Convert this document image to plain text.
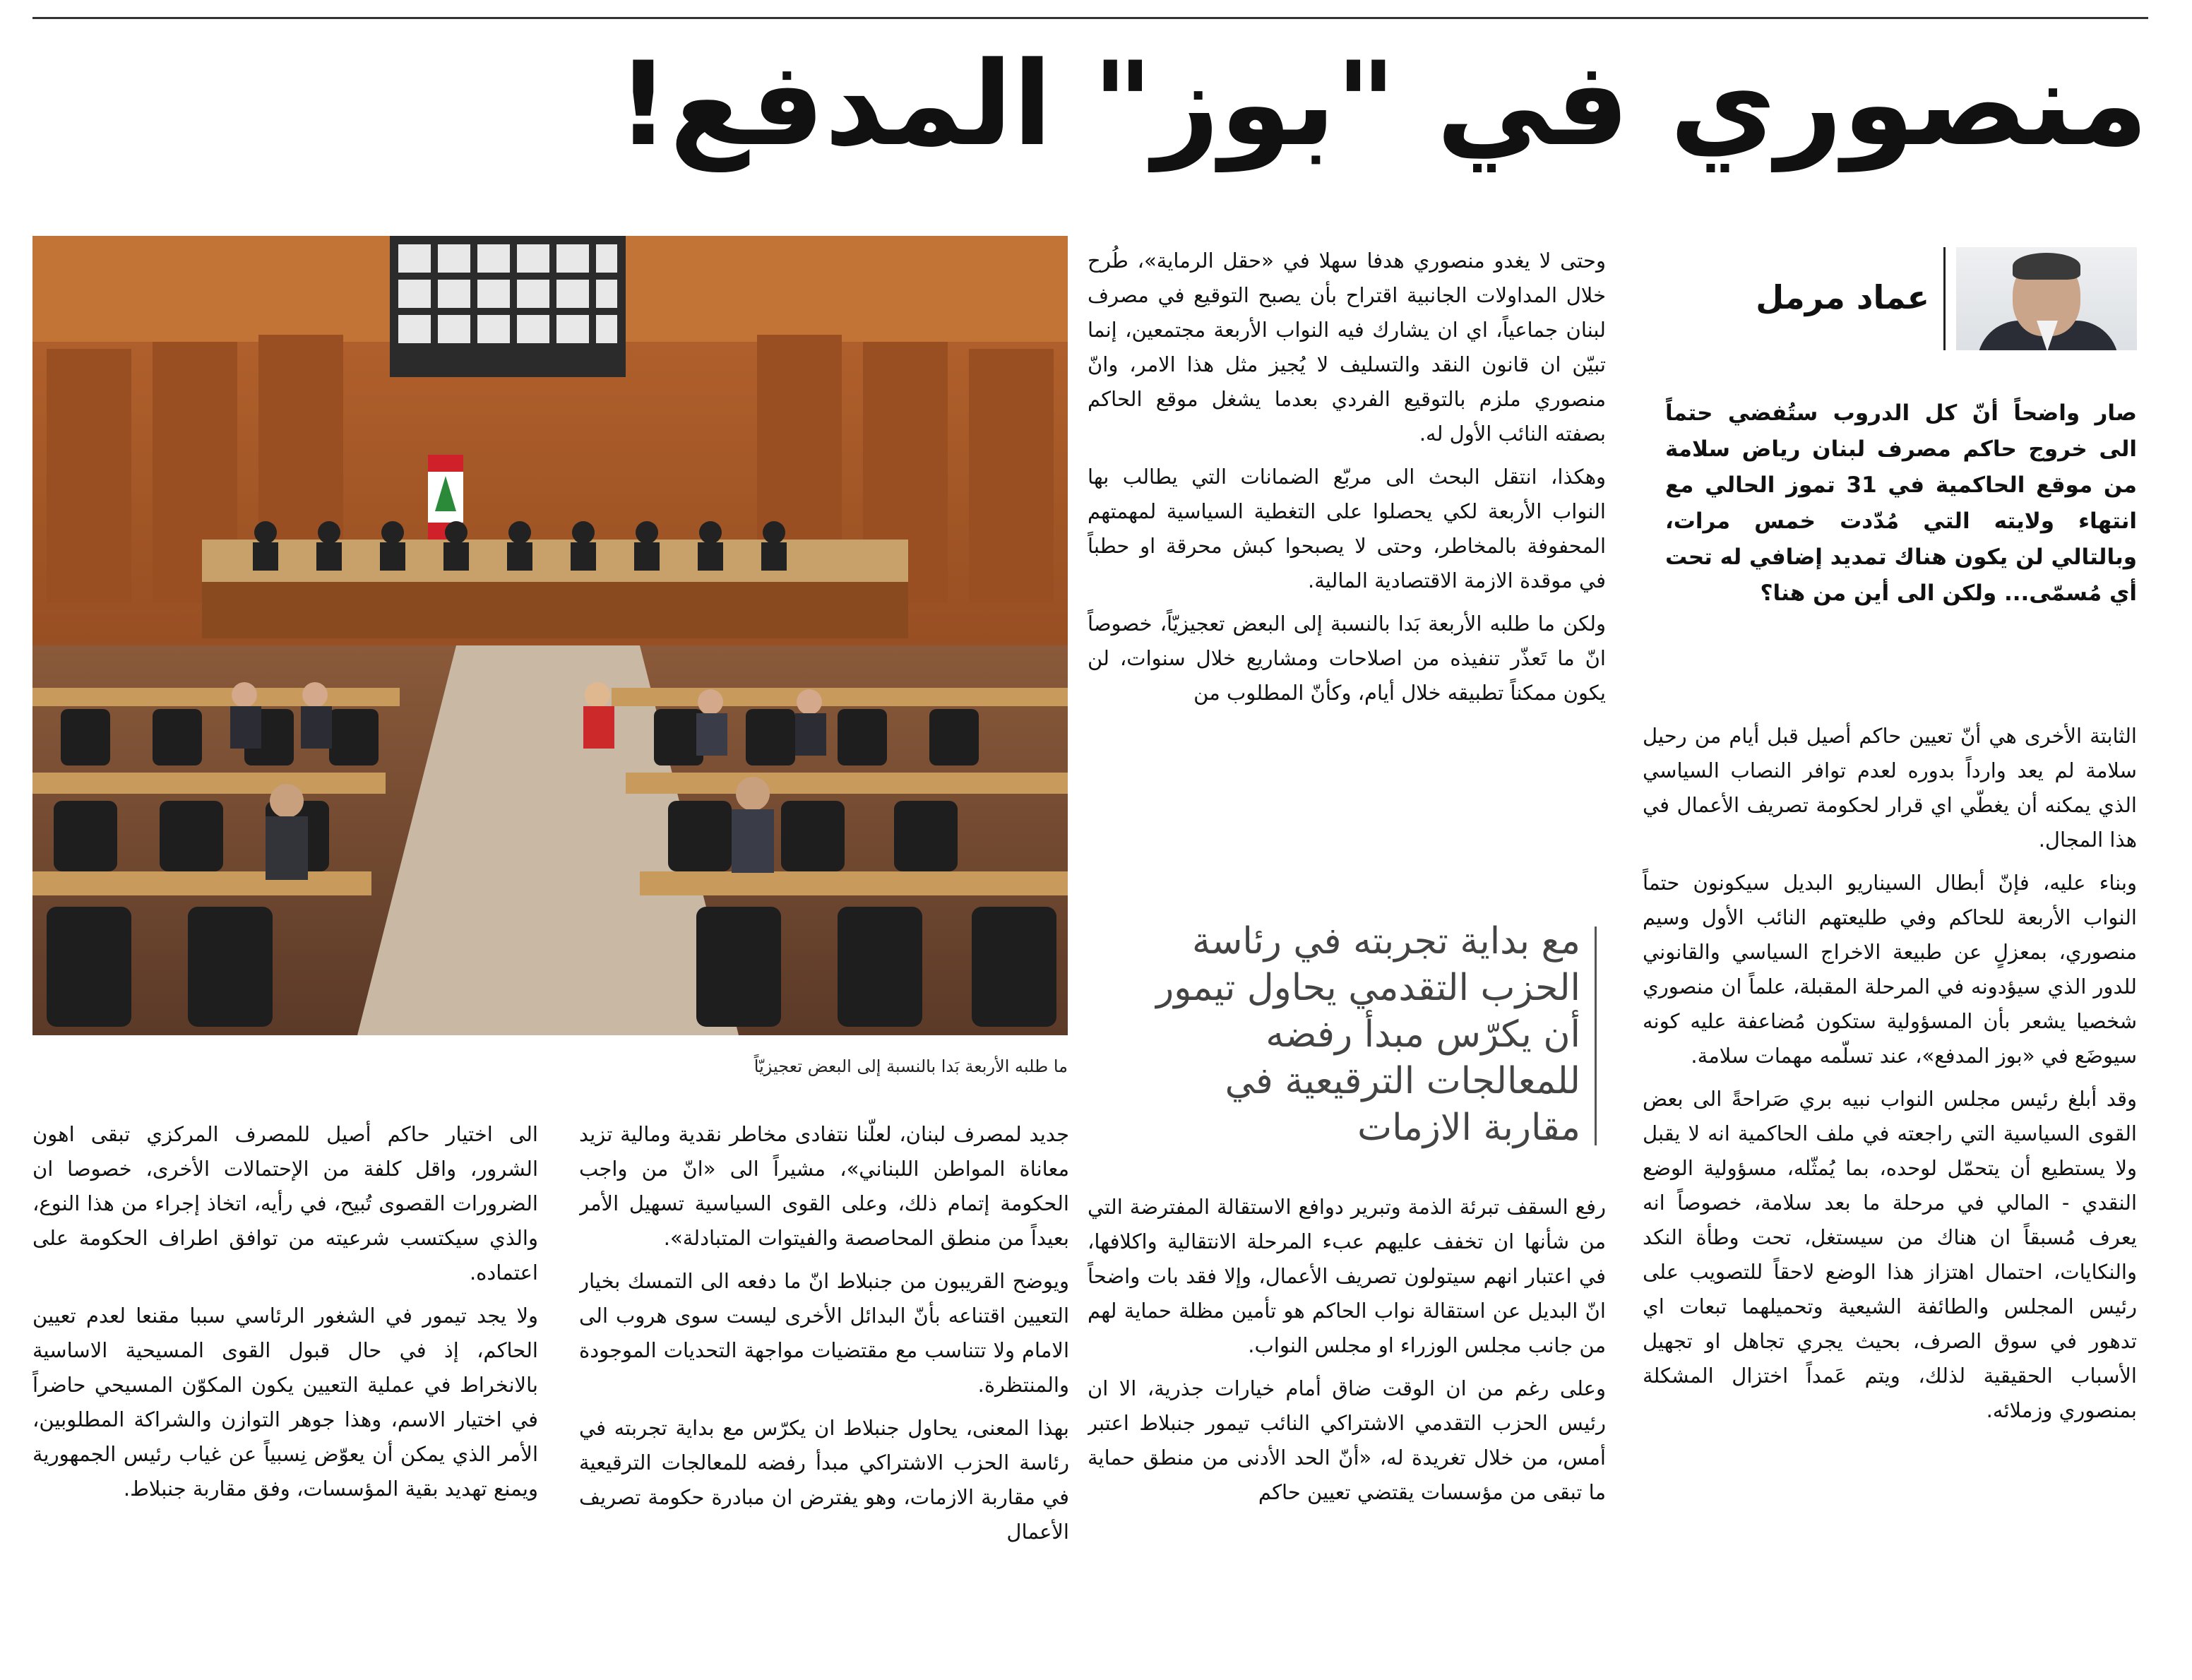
منصوري في "بوز" المدفع!
عماد مرمل
صار واضحاً أنّ كل الدروب ستُفضي حتماً الى خروج حاكم مصرف لبنان رياض سلامة من موقع الحاكمية في 31 تموز الحالي مع انتهاء ولايته التي مُدّدت خمس مرات، وبالتالي لن يكون هناك تمديد إضافي له تحت أي مُسمّى... ولكن الى أين من هنا؟

الثابتة الأخرى هي أنّ تعيين حاكم أصيل قبل أيام من رحيل سلامة لم يعد وارداً بدوره لعدم توافر النصاب السياسي الذي يمكنه أن يغطّي اي قرار لحكومة تصريف الأعمال في هذا المجال.

وبناء عليه، فإنّ أبطال السيناريو البديل سيكونون حتماً النواب الأربعة للحاكم وفي طليعتهم النائب الأول وسيم منصوري، بمعزلٍ عن طبيعة الاخراج السياسي والقانوني للدور الذي سيؤدونه في المرحلة المقبلة، علماً ان منصوري شخصيا يشعر بأن المسؤولية ستكون مُضاعفة عليه كونه سيوضَع في «بوز المدفع»، عند تسلّمه مهمات سلامة.

وقد أبلغ رئيس مجلس النواب نبيه بري صَراحةً الى بعض القوى السياسية التي راجعته في ملف الحاكمية انه لا يقبل ولا يستطيع أن يتحمّل لوحده، بما يُمثّله، مسؤولية الوضع النقدي - المالي في مرحلة ما بعد سلامة، خصوصاً انه يعرف مُسبقاً ان هناك من سيستغل، تحت وطأة النكد والنكايات، احتمال اهتزاز هذا الوضع لاحقاً للتصويب على رئيس المجلس والطائفة الشيعية وتحميلهما تبعات اي تدهور في سوق الصرف، بحيث يجري تجاهل او تجهيل الأسباب الحقيقية لذلك، ويتم عَمداً اختزال المشكلة بمنصوري وزملائه.

وحتى لا يغدو منصوري هدفا سهلا في «حقل الرماية»، طُرح خلال المداولات الجانبية اقتراح بأن يصبح التوقيع في مصرف لبنان جماعياً، اي ان يشارك فيه النواب الأربعة مجتمعين، إنما تبيّن ان قانون النقد والتسليف لا يُجيز مثل هذا الامر، وانّ منصوري ملزم بالتوقيع الفردي بعدما يشغل موقع الحاكم بصفته النائب الأول له.

وهكذا، انتقل البحث الى مربّع الضمانات التي يطالب بها النواب الأربعة لكي يحصلوا على التغطية السياسية لمهمتهم المحفوفة بالمخاطر، وحتى لا يصبحوا كبش محرقة او حطباً في موقدة الازمة الاقتصادية المالية.

ولكن ما طلبه الأربعة بَدا بالنسبة إلى البعض تعجيزيّاً، خصوصاً انّ ما تَعذّر تنفيذه من اصلاحات ومشاريع خلال سنوات، لن يكون ممكناً تطبيقه خلال أيام، وكأنّ المطلوب من

مع بداية تجربته في رئاسة الحزب التقدمي يحاول تيمور أن يكرّس مبدأ رفضه للمعالجات الترقيعية في مقاربة الازمات

رفع السقف تبرئة الذمة وتبرير دوافع الاستقالة المفترضة التي من شأنها ان تخفف عليهم عبء المرحلة الانتقالية واكلافها، في اعتبار انهم سيتولون تصريف الأعمال، وإلا فقد بات واضحاً انّ البديل عن استقالة نواب الحاكم هو تأمين مظلة حماية لهم من جانب مجلس الوزراء او مجلس النواب.

وعلى رغم من ان الوقت ضاق أمام خيارات جذرية، الا ان رئيس الحزب التقدمي الاشتراكي النائب تيمور جنبلاط اعتبر أمس، من خلال تغريدة له، «أنّ الحد الأدنى من منطق حماية ما تبقى من مؤسسات يقتضي تعيين حاكم

جديد لمصرف لبنان، لعلّنا نتفادى مخاطر نقدية ومالية تزيد معاناة المواطن اللبناني»، مشيراً الى «انّ من واجب الحكومة إتمام ذلك، وعلى القوى السياسية تسهيل الأمر بعيداً من منطق المحاصصة والفيتوات المتبادلة».

ويوضح القريبون من جنبلاط انّ ما دفعه الى التمسك بخيار التعيين اقتناعه بأنّ البدائل الأخرى ليست سوى هروب الى الامام ولا تتناسب مع مقتضيات مواجهة التحديات الموجودة والمنتظرة.

بهذا المعنى، يحاول جنبلاط ان يكرّس مع بداية تجربته في رئاسة الحزب الاشتراكي مبدأ رفضه للمعالجات الترقيعية في مقاربة الازمات، وهو يفترض ان مبادرة حكومة تصريف الأعمال

الى اختيار حاكم أصيل للمصرف المركزي تبقى اهون الشرور، واقل كلفة من الإحتمالات الأخرى، خصوصا ان الضرورات القصوى تُبيح، في رأيه، اتخاذ إجراء من هذا النوع، والذي سيكتسب شرعيته من توافق اطراف الحكومة على اعتماده.

ولا يجد تيمور في الشغور الرئاسي سببا مقنعا لعدم تعيين الحاكم، إذ في حال قبول القوى المسيحية الاساسية بالانخراط في عملية التعيين يكون المكوّن المسيحي حاضراً في اختيار الاسم، وهذا جوهر التوازن والشراكة المطلوبين، الأمر الذي يمكن أن يعوّض نِسبياً عن غياب رئيس الجمهورية ويمنع تهديد بقية المؤسسات، وفق مقاربة جنبلاط.

ما طلبه الأربعة بَدا بالنسبة إلى البعض تعجيزيّاً
